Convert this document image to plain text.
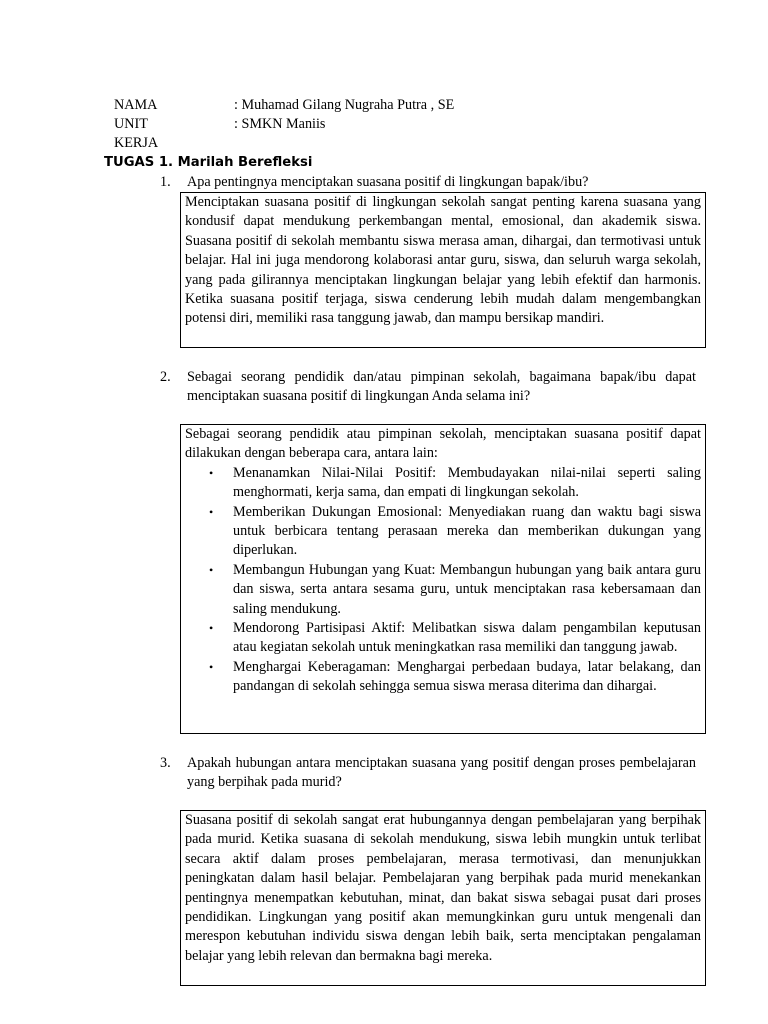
NAMA	: Muhamad Gilang Nugraha Putra , SE
UNIT KERJA
: SMKN Maniis
TUGAS 1. Marilah Berefleksi
1. Apa pentingnya menciptakan suasana positif di lingkungan bapak/ibu?

Menciptakan suasana positif di lingkungan sekolah sangat penting karena suasana yang kondusif dapat mendukung perkembangan mental, emosional, dan akademik siswa. Suasana positif di sekolah membantu siswa merasa aman, dihargai, dan termotivasi untuk belajar. Hal ini juga mendorong kolaborasi antar guru, siswa, dan seluruh warga sekolah, yang pada gilirannya menciptakan lingkungan belajar yang lebih efektif dan harmonis. Ketika suasana positif terjaga, siswa cenderung lebih mudah dalam mengembangkan potensi diri, memiliki rasa tanggung jawab, dan mampu bersikap mandiri.

2. Sebagai seorang pendidik dan/atau pimpinan sekolah, bagaimana bapak/ibu dapat menciptakan suasana positif di lingkungan Anda selama ini?

Sebagai seorang pendidik atau pimpinan sekolah, menciptakan suasana positif dapat dilakukan dengan beberapa cara, antara lain:

• Menanamkan Nilai-Nilai Positif: Membudayakan nilai-nilai seperti saling menghormati, kerja sama, dan empati di lingkungan sekolah.
• Memberikan Dukungan Emosional: Menyediakan ruang dan waktu bagi siswa untuk berbicara tentang perasaan mereka dan memberikan dukungan yang diperlukan.
• Membangun Hubungan yang Kuat: Membangun hubungan yang baik antara guru dan siswa, serta antara sesama guru, untuk menciptakan rasa kebersamaan dan saling mendukung.
• Mendorong Partisipasi Aktif: Melibatkan siswa dalam pengambilan keputusan atau kegiatan sekolah untuk meningkatkan rasa memiliki dan tanggung jawab.
• Menghargai Keberagaman: Menghargai perbedaan budaya, latar belakang, dan pandangan di sekolah sehingga semua siswa merasa diterima dan dihargai.
3. Apakah hubungan antara menciptakan suasana yang positif dengan proses pembelajaran yang berpihak pada murid?

Suasana positif di sekolah sangat erat hubungannya dengan pembelajaran yang berpihak pada murid. Ketika suasana di sekolah mendukung, siswa lebih mungkin untuk terlibat secara aktif dalam proses pembelajaran, merasa termotivasi, dan menunjukkan peningkatan dalam hasil belajar. Pembelajaran yang berpihak pada murid menekankan pentingnya menempatkan kebutuhan, minat, dan bakat siswa sebagai pusat dari proses pendidikan. Lingkungan yang positif akan memungkinkan guru untuk mengenali dan merespon kebutuhan individu siswa dengan lebih baik, serta menciptakan pengalaman belajar yang lebih relevan dan bermakna bagi mereka.
